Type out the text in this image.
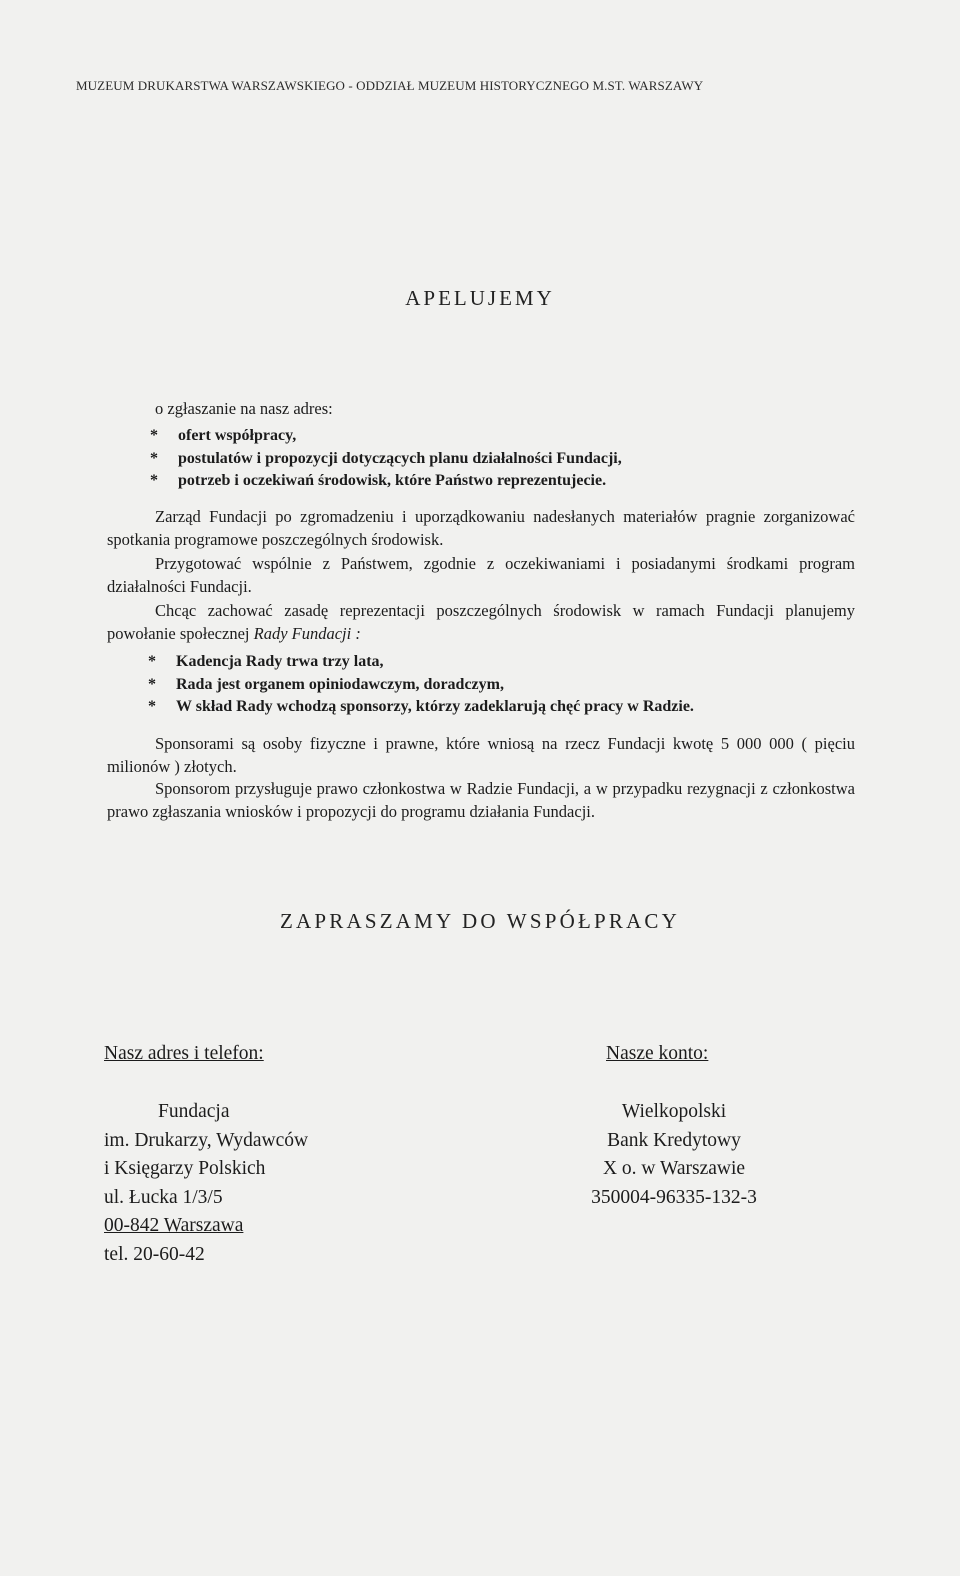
MUZEUM DRUKARSTWA WARSZAWSKIEGO - ODDZIAŁ MUZEUM HISTORYCZNEGO M.ST. WARSZAWY
APELUJEMY
o zgłaszanie na nasz adres:
* ofert współpracy,
* postulatów i propozycji dotyczących planu działalności Fundacji,
* potrzeb i oczekiwań środowisk, które Państwo reprezentujecie.

Zarząd Fundacji po zgromadzeniu i uporządkowaniu nadesłanych materiałów pragnie zorganizować spotkania programowe poszczególnych środowisk.

Przygotować wspólnie z Państwem, zgodnie z oczekiwaniami i posiadanymi środkami program działalności Fundacji.

Chcąc zachować zasadę reprezentacji poszczególnych środowisk w ramach Fundacji planujemy powołanie społecznej Rady Fundacji :

* Kadencja Rady trwa trzy lata,
* Rada jest organem opiniodawczym, doradczym,
* W skład Rady wchodzą sponsorzy, którzy zadeklarują chęć pracy w Radzie.

Sponsorami są osoby fizyczne i prawne, które wniosą na rzecz Fundacji kwotę 5 000 000 ( pięciu milionów ) złotych.

Sponsorom przysługuje prawo członkostwa w Radzie Fundacji, a w przypadku rezygnacji z członkostwa prawo zgłaszania wniosków i propozycji do programu działania Fundacji.

ZAPRASZAMY DO WSPÓŁPRACY
Nasz adres i telefon:
Fundacja
im. Drukarzy, Wydawców
i Księgarzy Polskich
ul. Łucka 1/3/5
00-842 Warszawa
tel. 20-60-42
Nasze konto:
Wielkopolski
Bank Kredytowy
X o. w Warszawie
350004-96335-132-3
